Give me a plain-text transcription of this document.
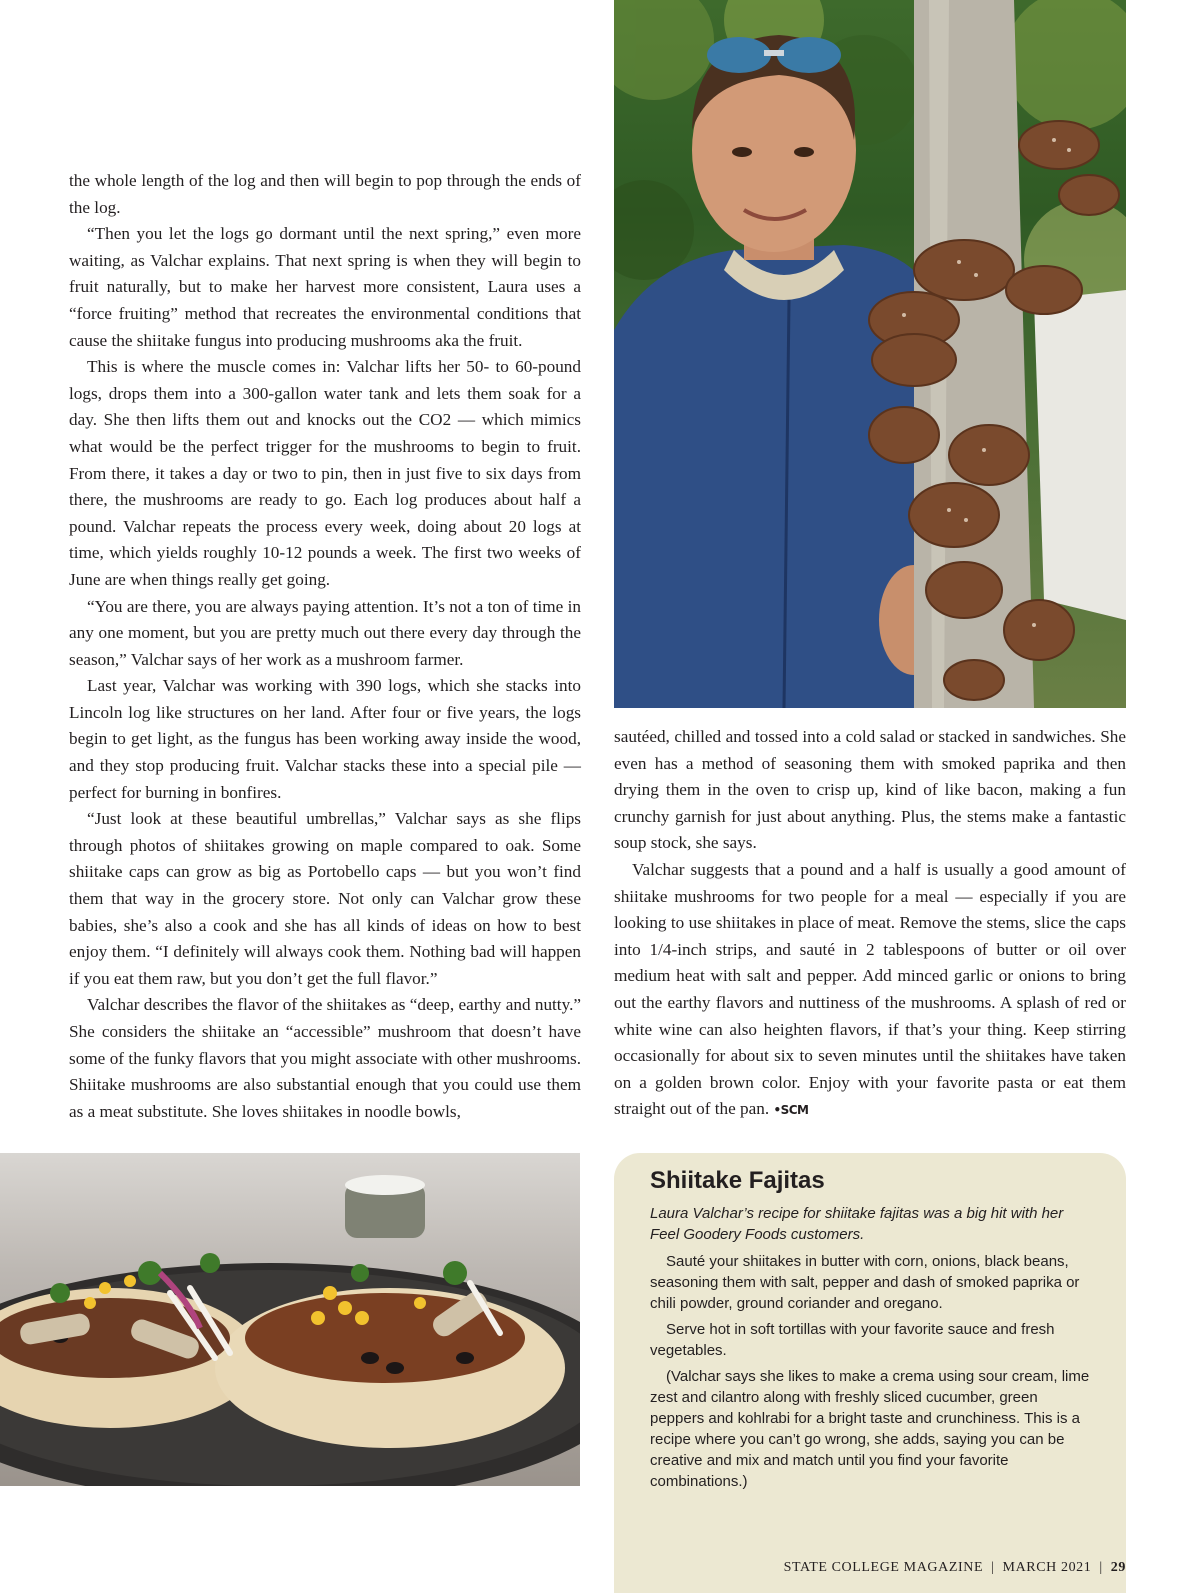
the whole length of the log and then will begin to pop through the ends of the log.

“Then you let the logs go dormant until the next spring,” even more waiting, as Valchar explains. That next spring is when they will begin to fruit naturally, but to make her harvest more consistent, Laura uses a “force fruiting” method that recreates the environmental conditions that cause the shiitake fungus into producing mushrooms aka the fruit.

This is where the muscle comes in: Valchar lifts her 50- to 60-pound logs, drops them into a 300-gallon water tank and lets them soak for a day. She then lifts them out and knocks out the CO2 — which mimics what would be the perfect trigger for the mushrooms to begin to fruit. From there, it takes a day or two to pin, then in just five to six days from there, the mushrooms are ready to go. Each log produces about half a pound. Valchar repeats the process every week, doing about 20 logs at time, which yields roughly 10-12 pounds a week. The first two weeks of June are when things really get going.

“You are there, you are always paying attention. It’s not a ton of time in any one moment, but you are pretty much out there every day through the season,” Valchar says of her work as a mushroom farmer.

Last year, Valchar was working with 390 logs, which she stacks into Lincoln log like structures on her land. After four or five years, the logs begin to get light, as the fungus has been working away inside the wood, and they stop producing fruit. Valchar stacks these into a special pile — perfect for burning in bonfires.

“Just look at these beautiful umbrellas,” Valchar says as she flips through photos of shiitakes growing on maple compared to oak. Some shiitake caps can grow as big as Portobello caps — but you won’t find them that way in the grocery store. Not only can Valchar grow these babies, she’s also a cook and she has all kinds of ideas on how to best enjoy them. “I definitely will always cook them. Nothing bad will happen if you eat them raw, but you don’t get the full flavor.”

Valchar describes the flavor of the shiitakes as “deep, earthy and nutty.” She considers the shiitake an “accessible” mushroom that doesn’t have some of the funky flavors that you might associate with other mushrooms. Shiitake mushrooms are also substantial enough that you could use them as a meat substitute. She loves shiitakes in noodle bowls,

sautéed, chilled and tossed into a cold salad or stacked in sandwiches. She even has a method of seasoning them with smoked paprika and then drying them in the oven to crisp up, kind of like bacon, making a fun crunchy garnish for just about anything. Plus, the stems make a fantastic soup stock, she says.

Valchar suggests that a pound and a half is usually a good amount of shiitake mushrooms for two people for a meal — especially if you are looking to use shiitakes in place of meat. Remove the stems, slice the caps into 1/4-inch strips, and sauté in 2 tablespoons of butter or oil over medium heat with salt and pepper. Add minced garlic or onions to bring out the earthy flavors and nuttiness of the mushrooms. A splash of red or white wine can also heighten flavors, if that’s your thing. Keep stirring occasionally for about six to seven minutes until the shiitakes have taken on a golden brown color. Enjoy with your favorite pasta or eat them straight out of the pan. •SCM

Shiitake Fajitas

Laura Valchar’s recipe for shiitake fajitas was a big hit with her Feel Goodery Foods customers.

Sauté your shiitakes in butter with corn, onions, black beans, seasoning them with salt, pepper and dash of smoked paprika or chili powder, ground coriander and oregano.

Serve hot in soft tortillas with your favorite sauce and fresh vegetables.

(Valchar says she likes to make a crema using sour cream, lime zest and cilantro along with freshly sliced cucumber, green peppers and kohlrabi for a bright taste and crunchiness. This is a recipe where you can’t go wrong, she adds, saying you can be creative and mix and match until you find your favorite combinations.)

STATE COLLEGE MAGAZINE | MARCH 2021 | 29
